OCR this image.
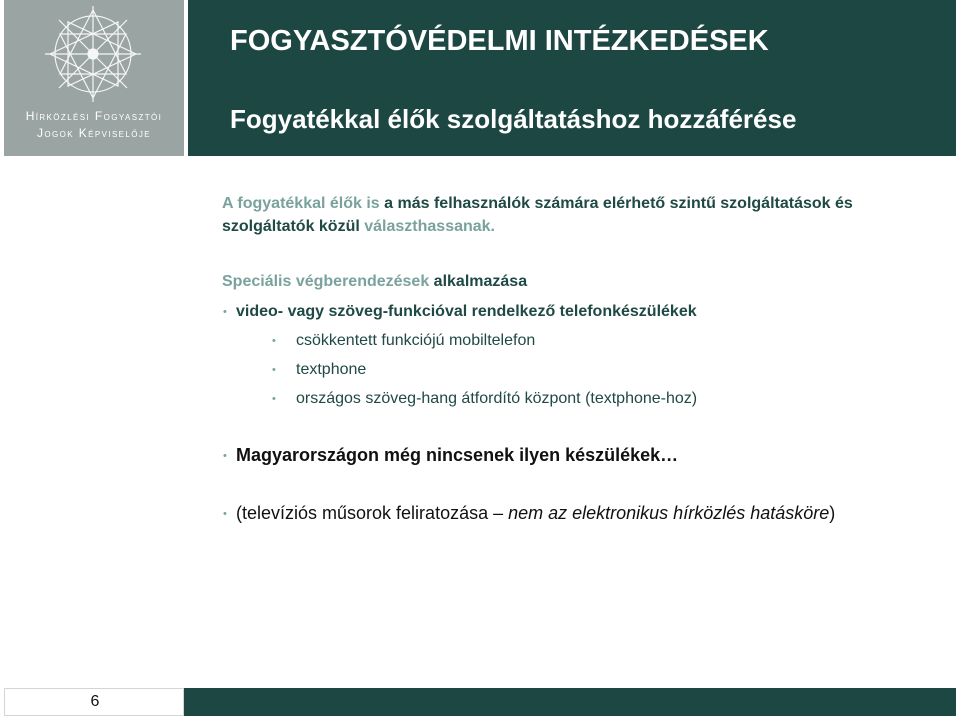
Hírközlési Fogyasztói
Jogok Képviselője
FOGYASZTÓVÉDELMI INTÉZKEDÉSEK
Fogyatékkal élők szolgáltatáshoz hozzáférése

A fogyatékkal élők is a más felhasználók számára elérhető szintű szolgáltatások és szolgáltatók közül választhassanak.

Speciális végberendezések alkalmazása

• video- vagy szöveg-funkcióval rendelkező telefonkészülékek

• csökkentett funkciójú mobiltelefon

• textphone

• országos szöveg-hang átfordító központ (textphone-hoz)

• Magyarországon még nincsenek ilyen készülékek…

• (televíziós műsorok feliratozása – nem az elektronikus hírközlés hatásköre)

6
